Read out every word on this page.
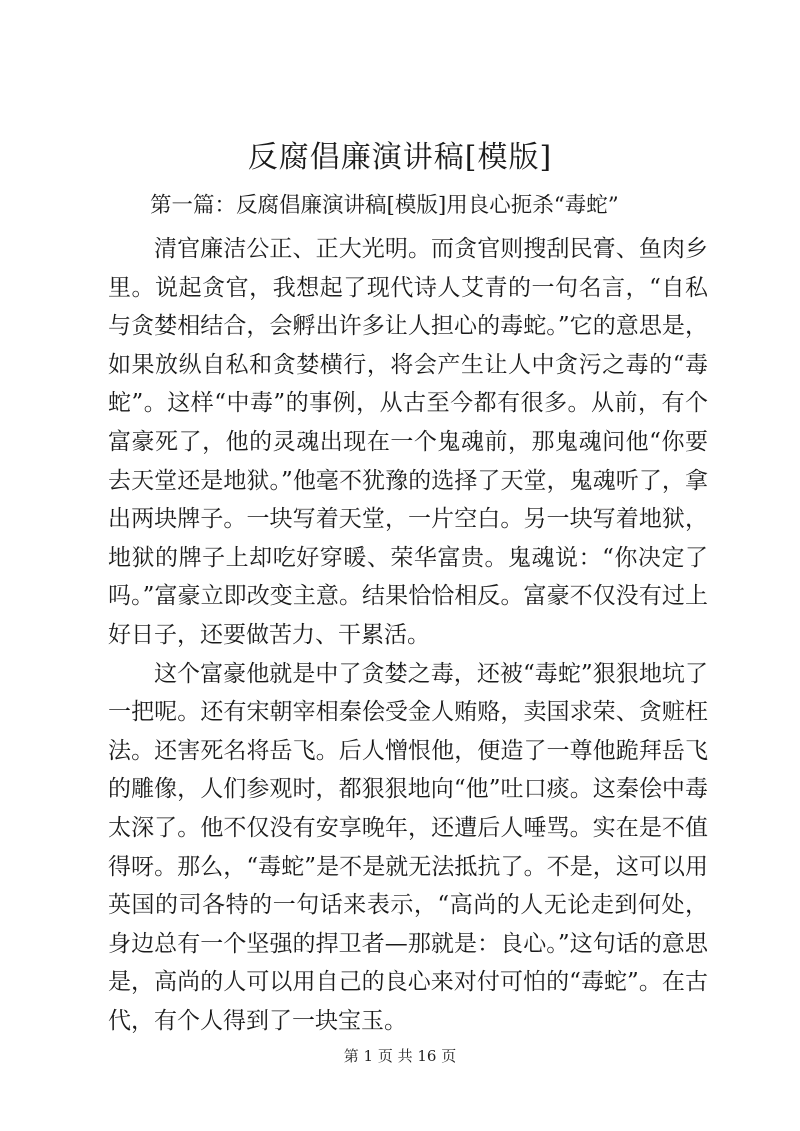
反腐倡廉演讲稿[模版]

第一篇：反腐倡廉演讲稿[模版]用良心扼杀“毒蛇”

清官廉洁公正、正大光明。而贪官则搜刮民膏、鱼肉乡里。说起贪官，我想起了现代诗人艾青的一句名言，“自私与贪婪相结合，会孵出许多让人担心的毒蛇。”它的意思是，如果放纵自私和贪婪横行，将会产生让人中贪污之毒的“毒蛇”。这样“中毒”的事例，从古至今都有很多。从前，有个富豪死了，他的灵魂出现在一个鬼魂前，那鬼魂问他“你要去天堂还是地狱。”他毫不犹豫的选择了天堂，鬼魂听了，拿出两块牌子。一块写着天堂，一片空白。另一块写着地狱，地狱的牌子上却吃好穿暖、荣华富贵。鬼魂说：“你决定了吗。”富豪立即改变主意。结果恰恰相反。富豪不仅没有过上好日子，还要做苦力、干累活。

这个富豪他就是中了贪婪之毒，还被“毒蛇”狠狠地坑了一把呢。还有宋朝宰相秦侩受金人贿赂，卖国求荣、贪赃枉法。还害死名将岳飞。后人憎恨他，便造了一尊他跪拜岳飞的雕像，人们参观时，都狠狠地向“他”吐口痰。这秦侩中毒太深了。他不仅没有安享晚年，还遭后人唾骂。实在是不值得呀。那么，“毒蛇”是不是就无法抵抗了。不是，这可以用英国的司各特的一句话来表示，“高尚的人无论走到何处，身边总有一个坚强的捍卫者—那就是：良心。”这句话的意思是，高尚的人可以用自己的良心来对付可怕的“毒蛇”。在古代，有个人得到了一块宝玉。

第 1 页 共 16 页
